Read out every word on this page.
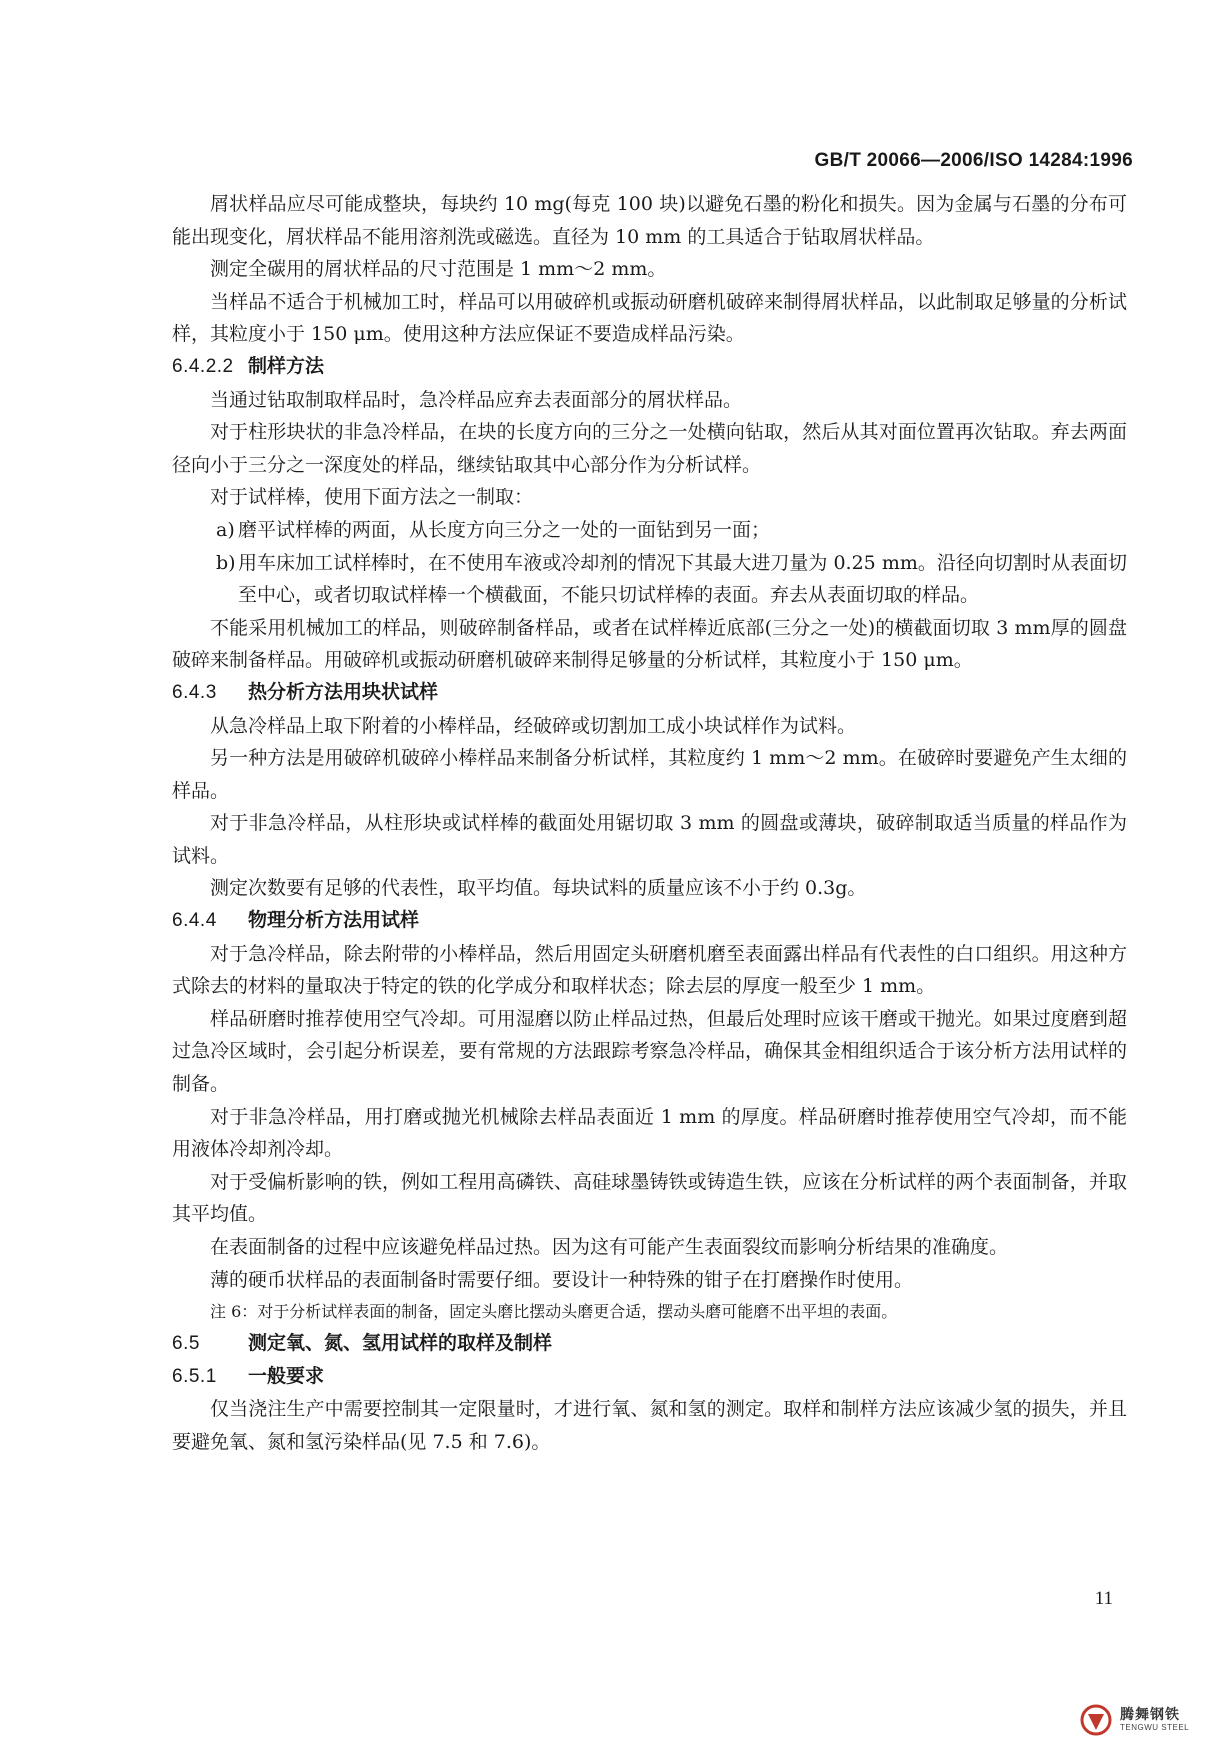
GB/T 20066—2006/ISO 14284:1996

屑状样品应尽可能成整块，每块约 10 mg(每克 100 块)以避免石墨的粉化和损失。因为金属与石墨的分布可能出现变化，屑状样品不能用溶剂洗或磁选。直径为 10 mm 的工具适合于钻取屑状样品。

测定全碳用的屑状样品的尺寸范围是 1 mm～2 mm。

当样品不适合于机械加工时，样品可以用破碎机或振动研磨机破碎来制得屑状样品，以此制取足够量的分析试样，其粒度小于 150 μm。使用这种方法应保证不要造成样品污染。

6.4.2.2 制样方法

当通过钻取制取样品时，急冷样品应弃去表面部分的屑状样品。

对于柱形块状的非急冷样品，在块的长度方向的三分之一处横向钻取，然后从其对面位置再次钻取。弃去两面径向小于三分之一深度处的样品，继续钻取其中心部分作为分析试样。

对于试样棒，使用下面方法之一制取：

a) 磨平试样棒的两面，从长度方向三分之一处的一面钻到另一面；

b) 用车床加工试样棒时，在不使用车液或冷却剂的情况下其最大进刀量为 0.25 mm。沿径向切割时从表面切至中心，或者切取试样棒一个横截面，不能只切试样棒的表面。弃去从表面切取的样品。

不能采用机械加工的样品，则破碎制备样品，或者在试样棒近底部(三分之一处)的横截面切取 3 mm厚的圆盘破碎来制备样品。用破碎机或振动研磨机破碎来制得足够量的分析试样，其粒度小于 150 μm。

6.4.3 热分析方法用块状试样

从急冷样品上取下附着的小棒样品，经破碎或切割加工成小块试样作为试料。

另一种方法是用破碎机破碎小棒样品来制备分析试样，其粒度约 1 mm～2 mm。在破碎时要避免产生太细的样品。

对于非急冷样品，从柱形块或试样棒的截面处用锯切取 3 mm 的圆盘或薄块，破碎制取适当质量的样品作为试料。

测定次数要有足够的代表性，取平均值。每块试料的质量应该不小于约 0.3g。

6.4.4 物理分析方法用试样

对于急冷样品，除去附带的小棒样品，然后用固定头研磨机磨至表面露出样品有代表性的白口组织。用这种方式除去的材料的量取决于特定的铁的化学成分和取样状态；除去层的厚度一般至少 1 mm。

样品研磨时推荐使用空气冷却。可用湿磨以防止样品过热，但最后处理时应该干磨或干抛光。如果过度磨到超过急冷区域时，会引起分析误差，要有常规的方法跟踪考察急冷样品，确保其金相组织适合于该分析方法用试样的制备。

对于非急冷样品，用打磨或抛光机械除去样品表面近 1 mm 的厚度。样品研磨时推荐使用空气冷却，而不能用液体冷却剂冷却。

对于受偏析影响的铁，例如工程用高磷铁、高硅球墨铸铁或铸造生铁，应该在分析试样的两个表面制备，并取其平均值。

在表面制备的过程中应该避免样品过热。因为这有可能产生表面裂纹而影响分析结果的准确度。

薄的硬币状样品的表面制备时需要仔细。要设计一种特殊的钳子在打磨操作时使用。

注 6：对于分析试样表面的制备，固定头磨比摆动头磨更合适，摆动头磨可能磨不出平坦的表面。

6.5	测定氧、氮、氢用试样的取样及制样

6.5.1 一般要求

仅当浇注生产中需要控制其一定限量时，才进行氧、氮和氢的测定。取样和制样方法应该减少氢的损失，并且要避免氧、氮和氢污染样品(见 7.5 和 7.6)。

11
腾舞钢铁
TENGWU STEEL
